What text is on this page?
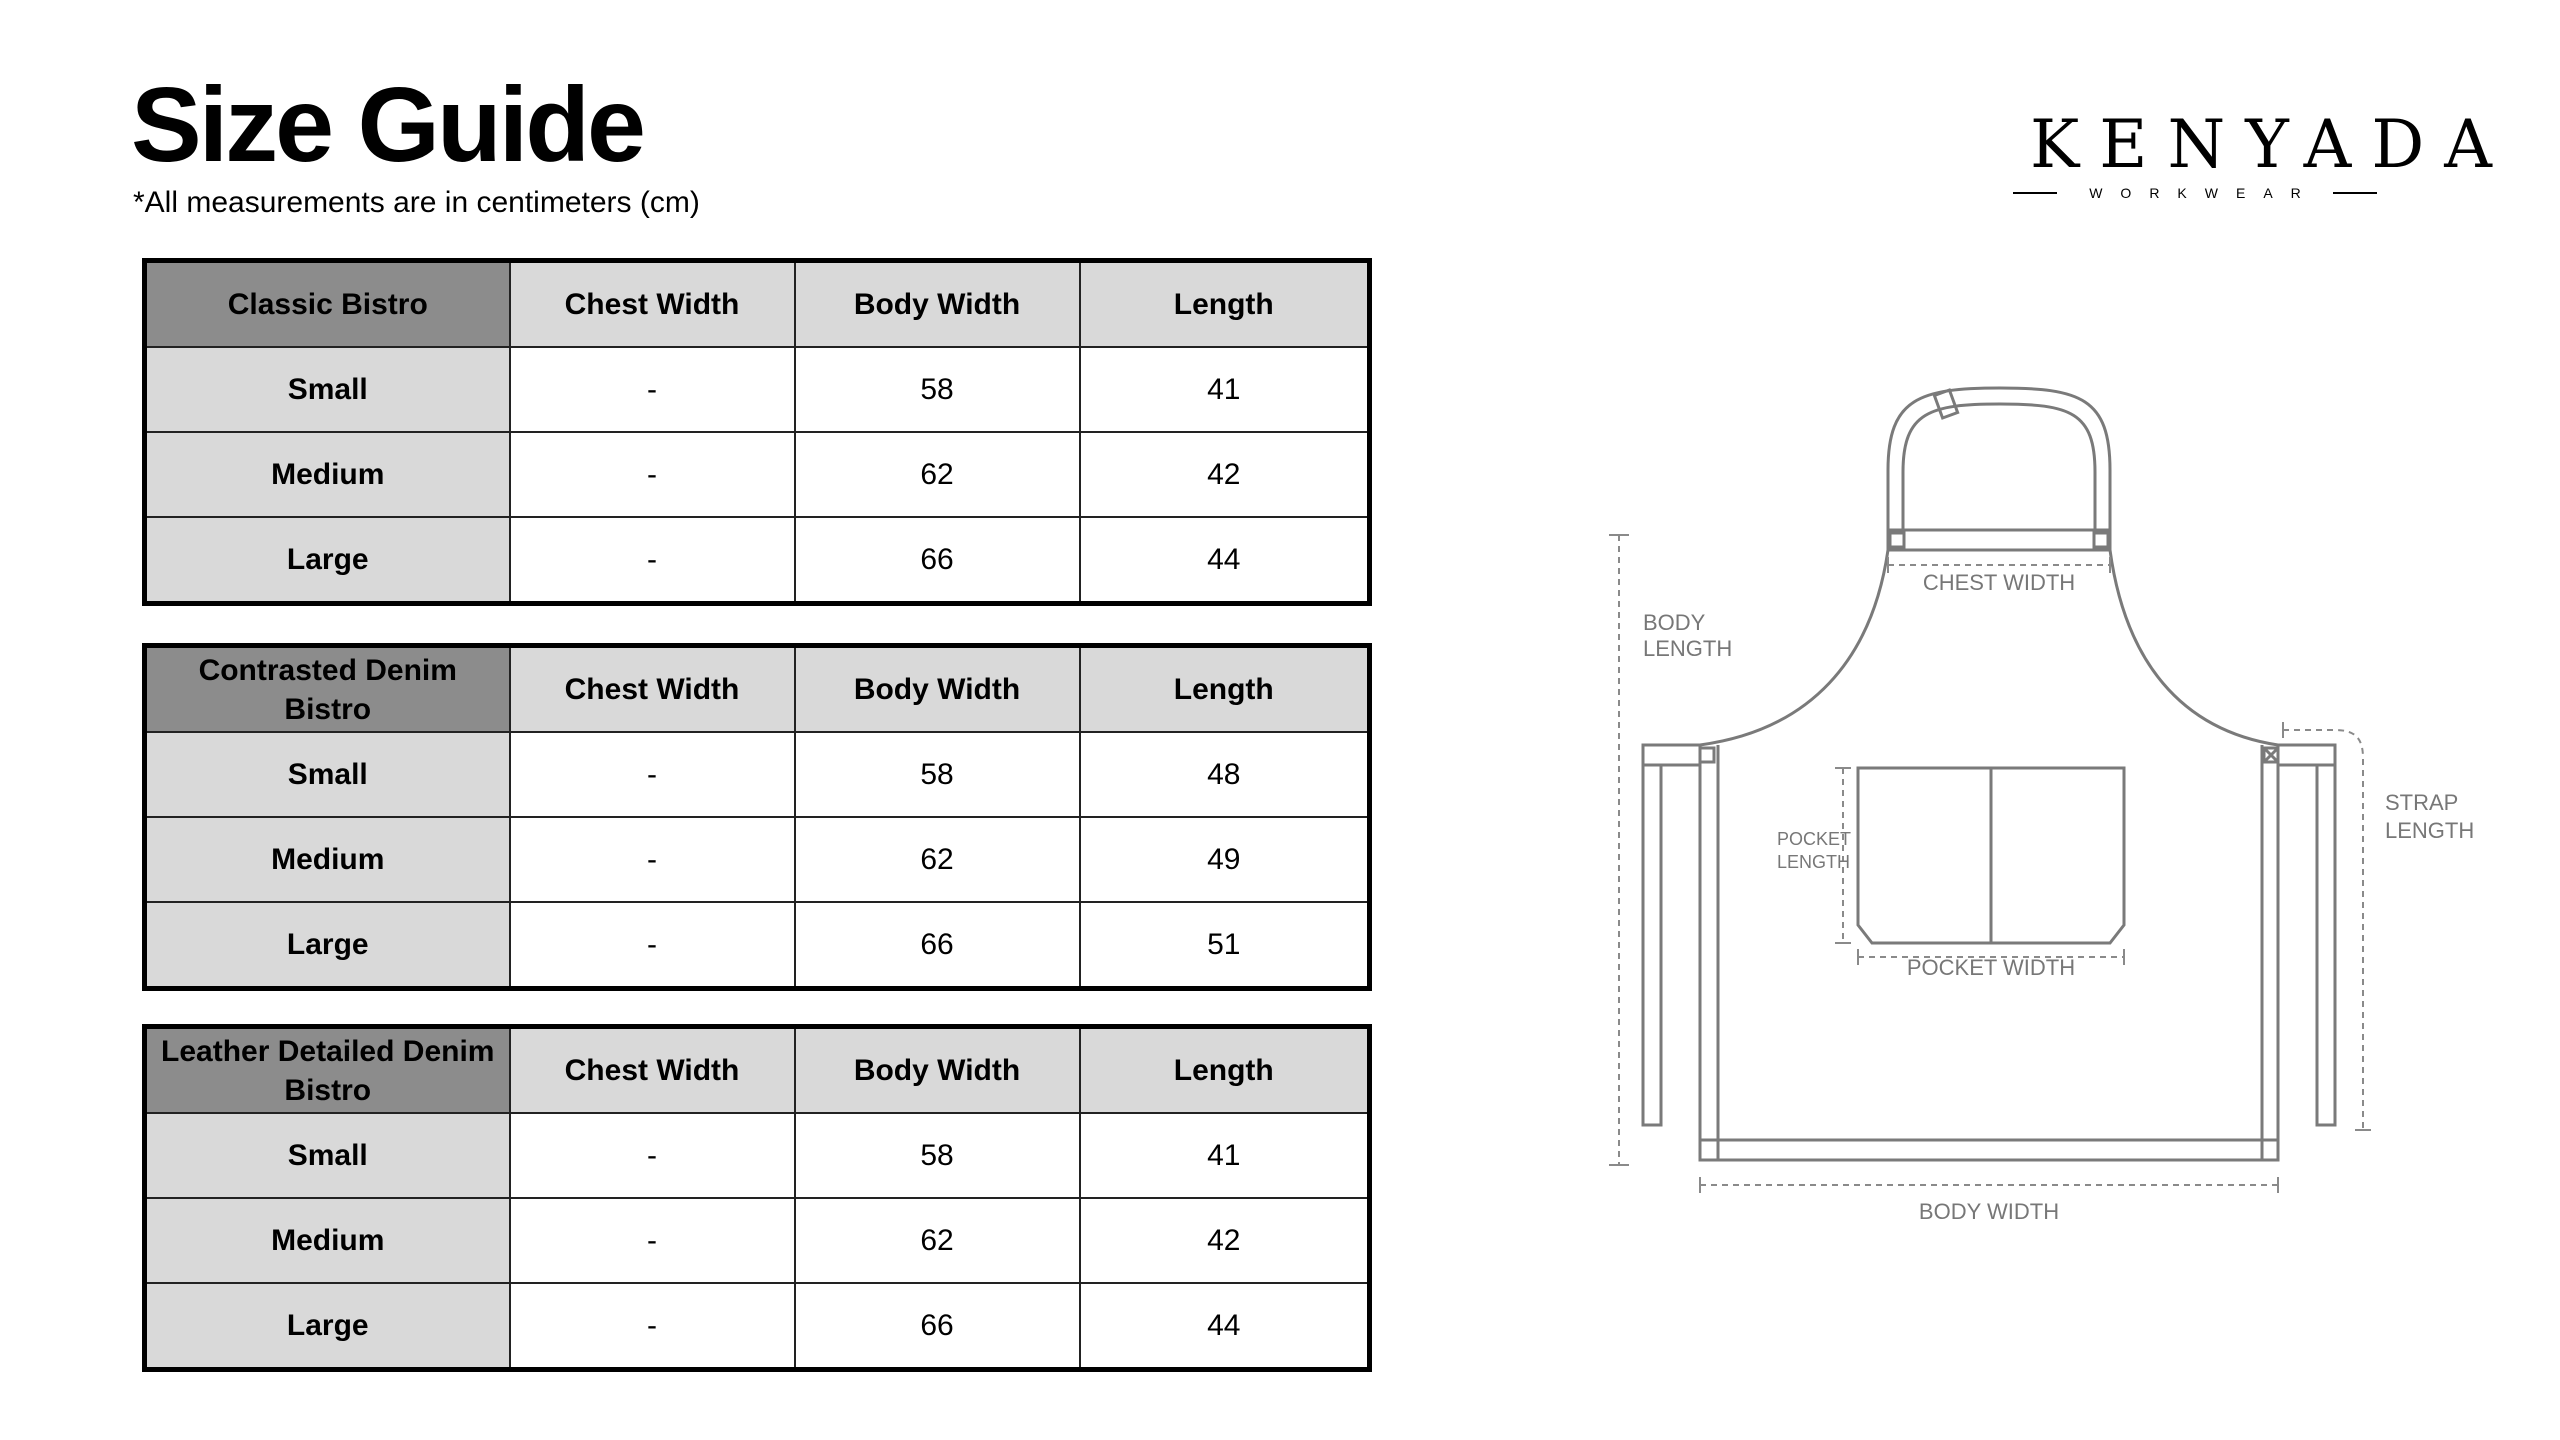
Size Guide
*All measurements are in centimeters (cm)
KENYADA
WORKWEAR
Classic Bistro	Chest Width	Body Width	Length
Small	-	58	41
Medium	-	62	42
Large	-	66	44
Contrasted Denim Bistro	Chest Width	Body Width	Length
Small	-	58	48
Medium	-	62	49
Large	-	66	51
Leather Detailed Denim Bistro	Chest Width	Body Width	Length
Small	-	58	41
Medium	-	62	42
Large	-	66	44
CHEST WIDTH
BODY
LENGTH
POCKET
LENGTH
POCKET WIDTH
STRAP
LENGTH
BODY WIDTH
